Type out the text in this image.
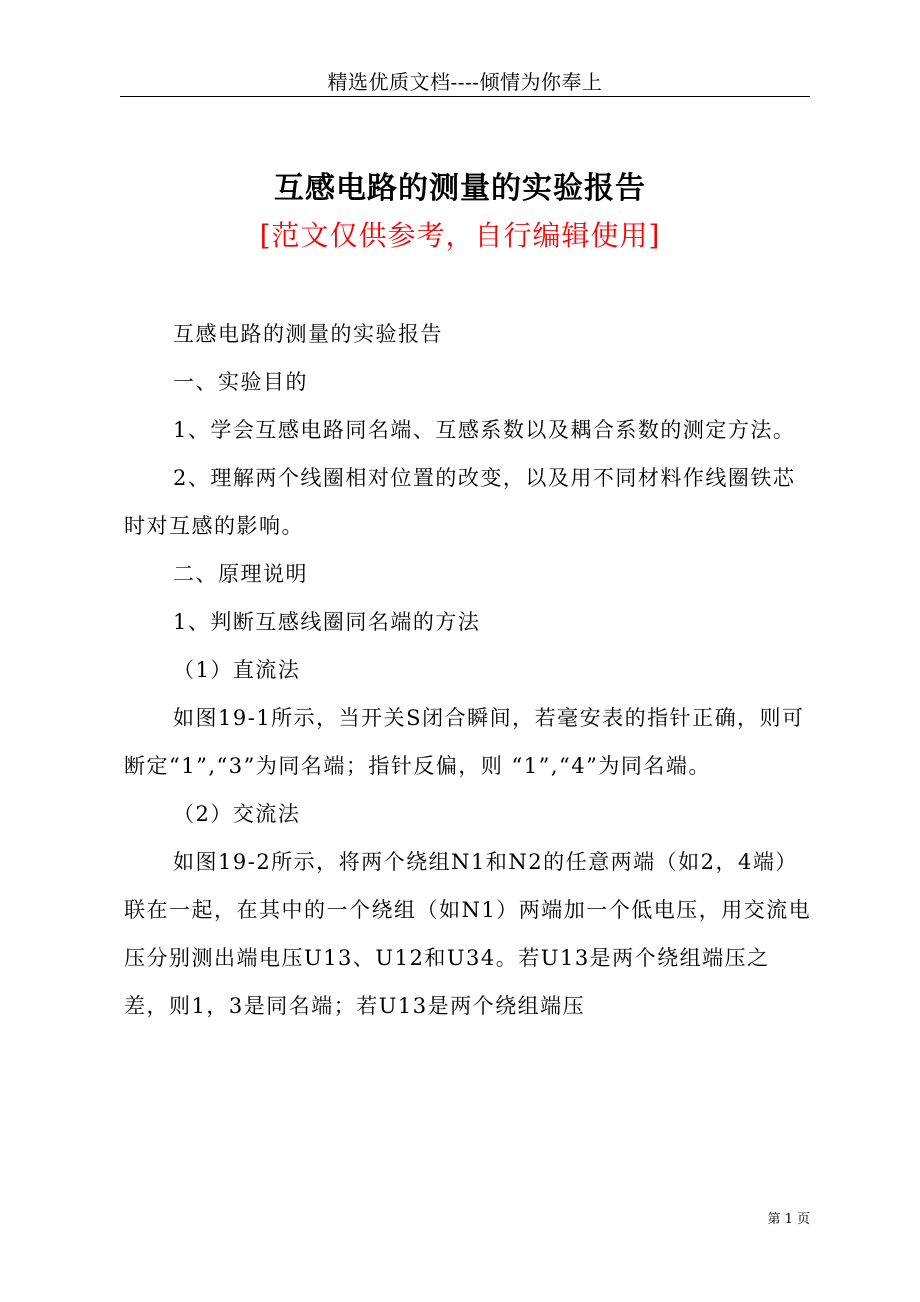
精选优质文档----倾情为你奉上
互感电路的测量的实验报告
[范文仅供参考，自行编辑使用]

互感电路的测量的实验报告

一、实验目的

1、学会互感电路同名端、互感系数以及耦合系数的测定方法。

2、理解两个线圈相对位置的改变，以及用不同材料作线圈铁芯时对互感的影响。

二、原理说明

1、判断互感线圈同名端的方法

（1）直流法

如图19-1所示，当开关S闭合瞬间，若毫安表的指针正确，则可断定“1”,“3”为同名端；指针反偏，则 “1”,“4”为同名端。

（2）交流法

如图19-2所示，将两个绕组N1和N2的任意两端（如2，4端）联在一起，在其中的一个绕组（如N1）两端加一个低电压，用交流电压分别测出端电压U13、U12和U34。若U13是两个绕组端压之差，则1，3是同名端；若U13是两个绕组端压

第 1 页
